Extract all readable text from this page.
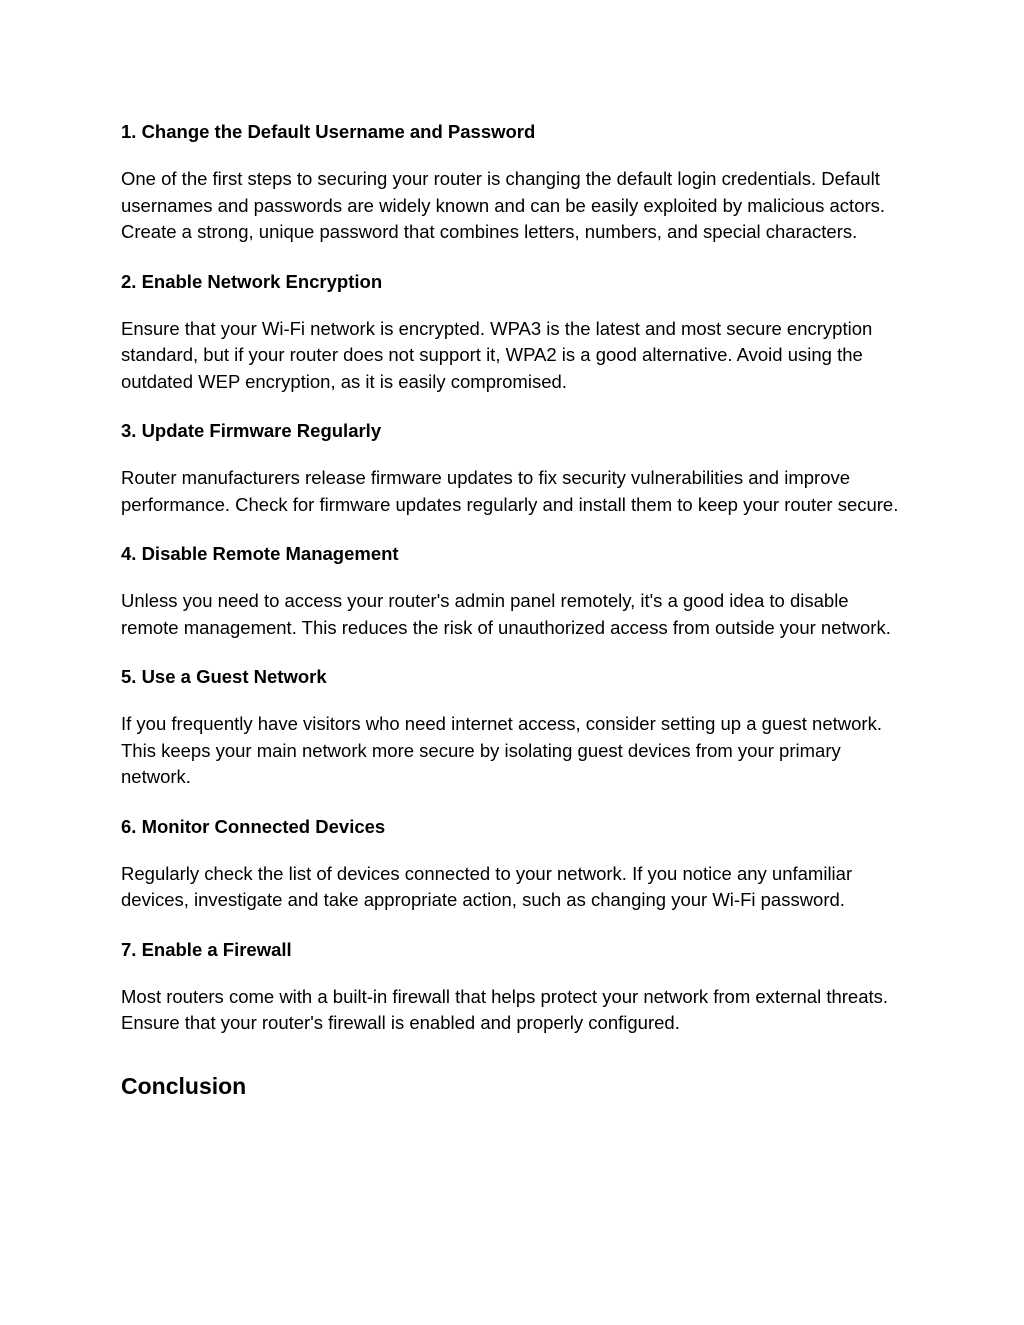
1. Change the Default Username and Password

One of the first steps to securing your router is changing the default login credentials. Default usernames and passwords are widely known and can be easily exploited by malicious actors. Create a strong, unique password that combines letters, numbers, and special characters.

2. Enable Network Encryption

Ensure that your Wi-Fi network is encrypted. WPA3 is the latest and most secure encryption standard, but if your router does not support it, WPA2 is a good alternative. Avoid using the outdated WEP encryption, as it is easily compromised.

3. Update Firmware Regularly

Router manufacturers release firmware updates to fix security vulnerabilities and improve performance. Check for firmware updates regularly and install them to keep your router secure.

4. Disable Remote Management

Unless you need to access your router's admin panel remotely, it's a good idea to disable remote management. This reduces the risk of unauthorized access from outside your network.

5. Use a Guest Network

If you frequently have visitors who need internet access, consider setting up a guest network. This keeps your main network more secure by isolating guest devices from your primary network.

6. Monitor Connected Devices

Regularly check the list of devices connected to your network. If you notice any unfamiliar devices, investigate and take appropriate action, such as changing your Wi-Fi password.

7. Enable a Firewall

Most routers come with a built-in firewall that helps protect your network from external threats. Ensure that your router's firewall is enabled and properly configured.

Conclusion
